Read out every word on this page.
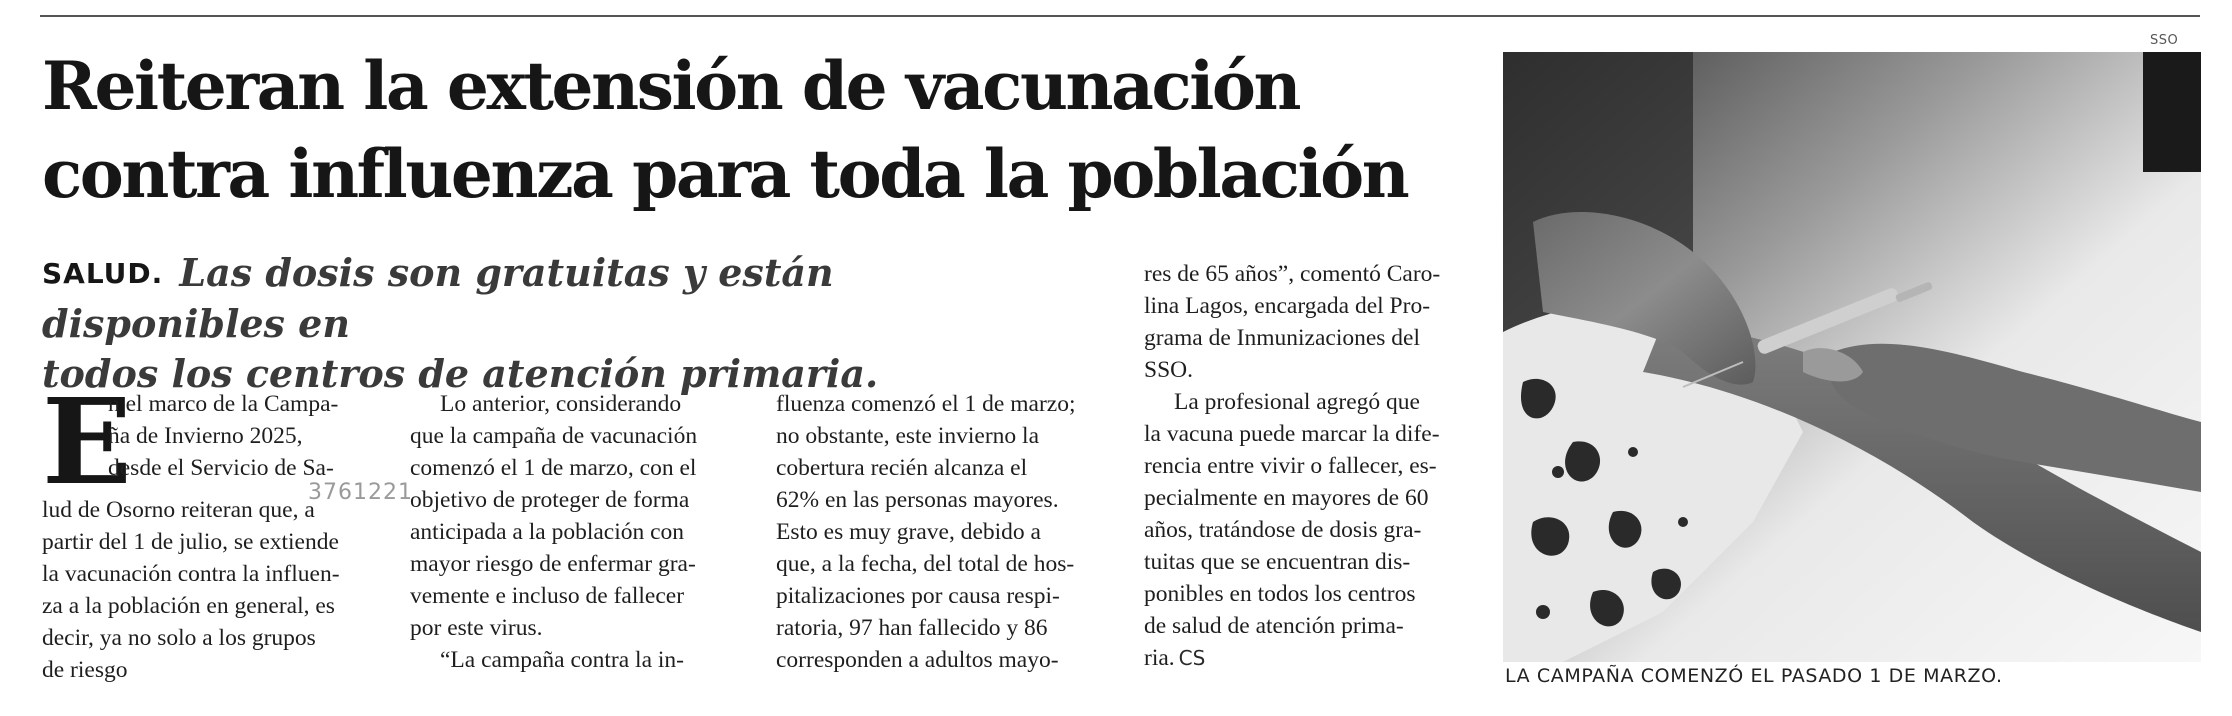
Reiteran la extensión de vacunación
contra influenza para toda la población
SALUD. Las dosis son gratuitas y están disponibles en
todos los centros de atención primaria.
E
n el marco de la Campa-
ña de Invierno 2025,
desde el Servicio de Sa-
lud de Osorno reiteran que, a
partir del 1 de julio, se extiende
la vacunación contra la influen-
za a la población en general, es
decir, ya no solo a los grupos
de riesgo
3761221
Lo anterior, considerando
que la campaña de vacunación
comenzó el 1 de marzo, con el
objetivo de proteger de forma
anticipada a la población con
mayor riesgo de enfermar gra-
vemente e incluso de fallecer
por este virus.
“La campaña contra la in-
fluenza comenzó el 1 de marzo;
no obstante, este invierno la
cobertura recién alcanza el
62% en las personas mayores.
Esto es muy grave, debido a
que, a la fecha, del total de hos-
pitalizaciones por causa respi-
ratoria, 97 han fallecido y 86
corresponden a adultos mayo-
res de 65 años”, comentó Caro-
lina Lagos, encargada del Pro-
grama de Inmunizaciones del
SSO.
La profesional agregó que
la vacuna puede marcar la dife-
rencia entre vivir o fallecer, es-
pecialmente en mayores de 60
años, tratándose de dosis gra-
tuitas que se encuentran dis-
ponibles en todos los centros
de salud de atención prima-
ria. CS
SSO
LA CAMPAÑA COMENZÓ EL PASADO 1 DE MARZO.
